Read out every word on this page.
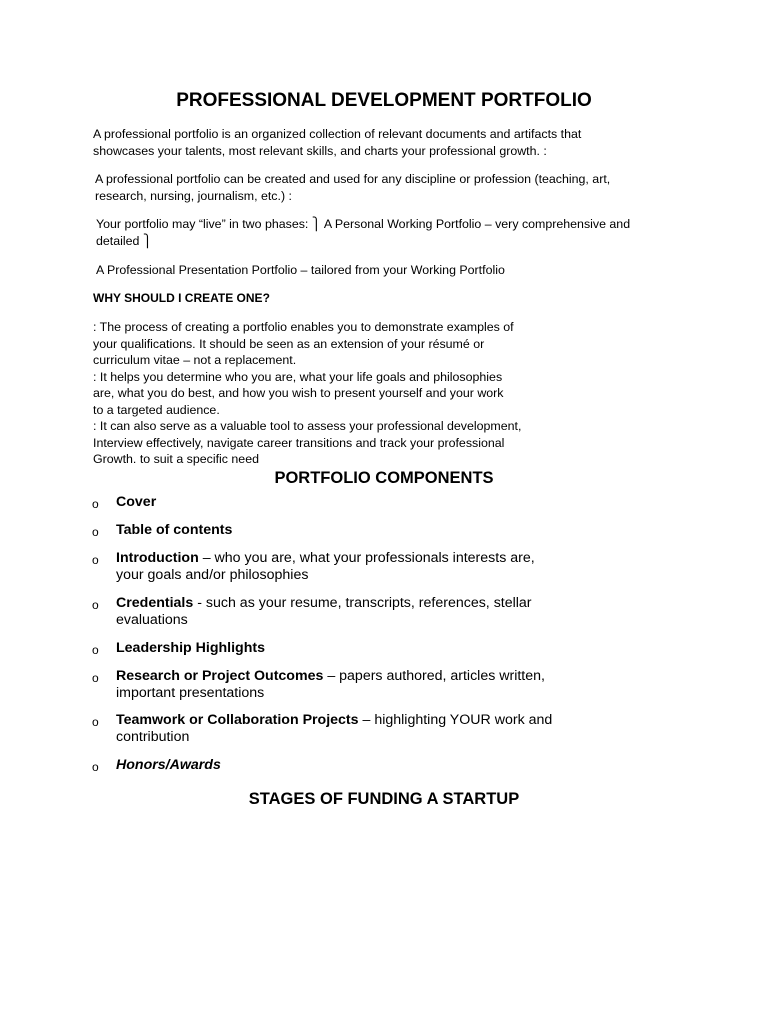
PROFESSIONAL DEVELOPMENT PORTFOLIO
A professional portfolio is an organized collection of relevant documents and artifacts that
showcases your talents, most relevant skills, and charts your professional growth. :
A professional portfolio can be created and used for any discipline or profession (teaching, art,
research, nursing, journalism, etc.) :
Your portfolio may “live” in two phases: ⎫ A Personal Working Portfolio – very comprehensive and
detailed ⎫
A Professional Presentation Portfolio – tailored from your Working Portfolio
WHY SHOULD I CREATE ONE?
: The process of creating a portfolio enables you to demonstrate examples of
your qualifications. It should be seen as an extension of your résumé or
curriculum vitae – not a replacement.
: It helps you determine who you are, what your life goals and philosophies
are, what you do best, and how you wish to present yourself and your work
to a targeted audience.
: It can also serve as a valuable tool to assess your professional development,
Interview effectively, navigate career transitions and track your professional
Growth. to suit a specific need
PORTFOLIO COMPONENTS
o Cover
o Table of contents
o Introduction – who you are, what your professionals interests are,
your goals and/or philosophies
o Credentials - such as your resume, transcripts, references, stellar
evaluations
o Leadership Highlights
o Research or Project Outcomes – papers authored, articles written,
important presentations
o Teamwork or Collaboration Projects – highlighting YOUR work and
contribution
o Honors/Awards
STAGES OF FUNDING A STARTUP
